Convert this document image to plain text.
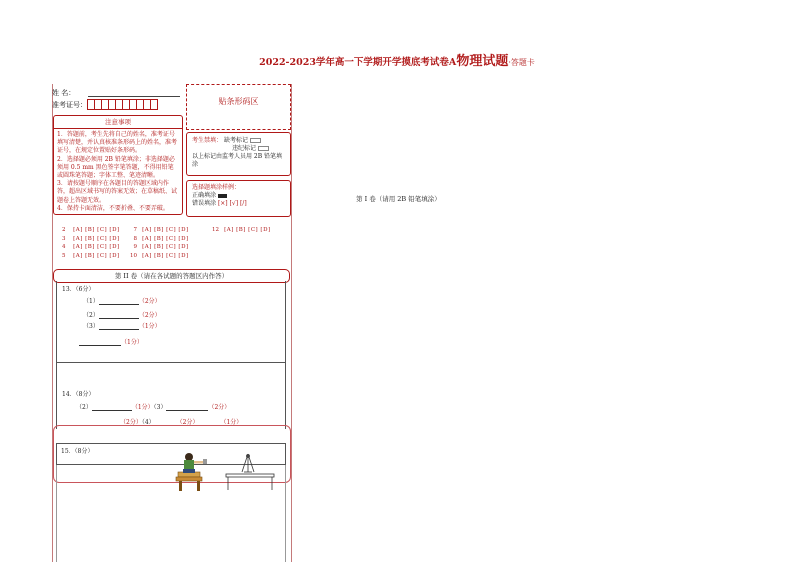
2022-2023学年高一下学期开学摸底考试卷A物理试题·答题卡
姓 名：
准考证号：	贴条形码区
注意事项
1．答题前，考生先将自己的姓名，准考证号填写清楚，并认真核准条形码上的姓名，准考证号，在规定位置贴好条形码。
2．选择题必须用 2B 铅笔填涂；非选择题必须用 0.5 mm 黑色签字笔答题，不得用铅笔或圆珠笔答题；字体工整、笔迹清晰。
3．请按题号顺序在各题目的答题区域内作答，超出区域书写的答案无效；在草稿纸、试题卷上答题无效。
4．保持卡面清洁，不要折叠、不要弄破。
考生禁填： 缺考标记
违纪标记
以上标记由监考人员用 2B 铅笔填涂
选择题填涂样例：
正确填涂
错误填涂 [×] [√] [/]
第 I 卷（请用 2B 铅笔填涂）
2 [A] [B] [C] [D]
3 [A] [B] [C] [D]
4 [A] [B] [C] [D]
5 [A] [B] [C] [D]
7 [A] [B] [C] [D]
8 [A] [B] [C] [D]
9 [A] [B] [C] [D]
10 [A] [B] [C] [D]
12 [A] [B] [C] [D]
第 II 卷（请在各试题的答题区内作答）
13．（6分）
（1）	（2分）
（2）	（2分）
（3）	（1分）
（1分）
14．（8分）
（2）	（1分）（3）	（2分）
（2分）（4）	（2分）	（1分）
15．（8分）
